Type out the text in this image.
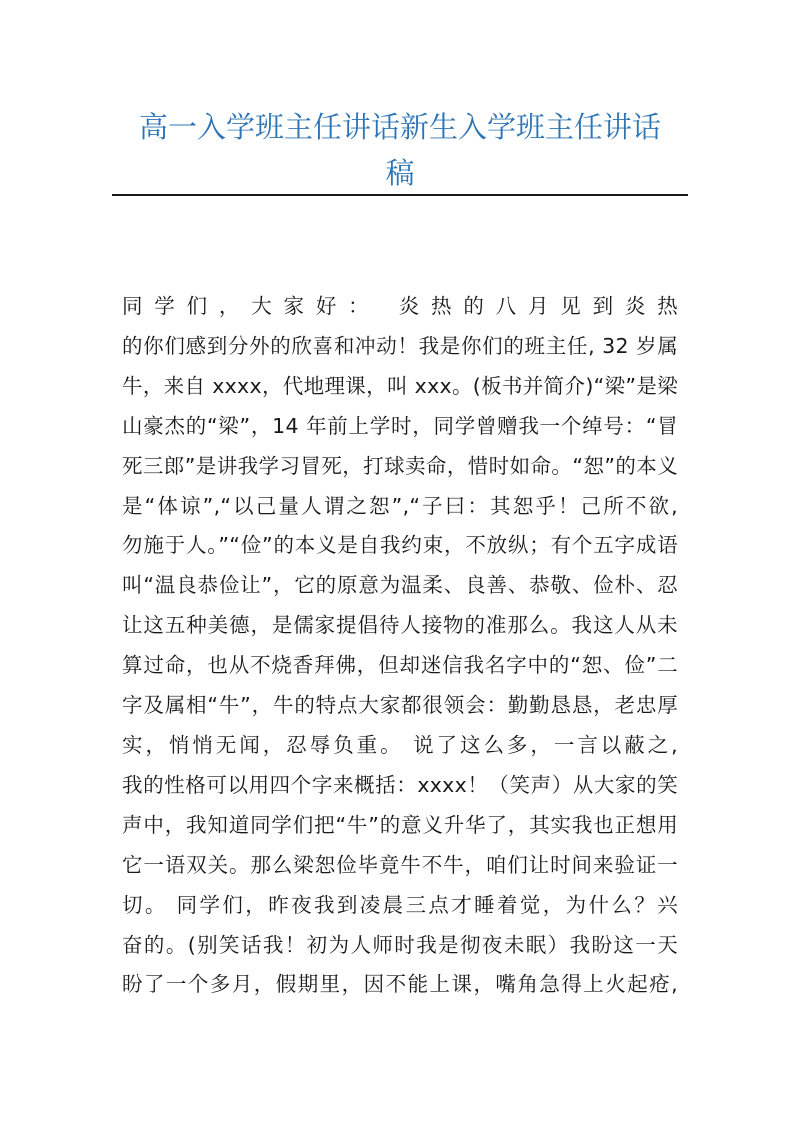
高一入学班主任讲话新生入学班主任讲话
稿
同学们，大家好： 炎热的八月见到炎热
的你们感到分外的欣喜和冲动！我是你们的班主任, 32 岁属
牛，来自 xxxx，代地理课，叫 xxx。(板书并简介)“梁”是梁
山豪杰的“梁”，14 年前上学时，同学曾赠我一个绰号：“冒
死三郎”是讲我学习冒死，打球卖命，惜时如命。“恕”的本义
是“体谅”,“以己量人谓之恕”,“子曰：其恕乎！己所不欲,
勿施于人。”“俭”的本义是自我约束，不放纵；有个五字成语
叫“温良恭俭让”，它的原意为温柔、良善、恭敬、俭朴、忍
让这五种美德，是儒家提倡待人接物的准那么。我这人从未
算过命，也从不烧香拜佛，但却迷信我名字中的“恕、俭”二
字及属相“牛”，牛的特点大家都很领会：勤勤恳恳，老忠厚
实，悄悄无闻，忍辱负重。 说了这么多，一言以蔽之,
我的性格可以用四个字来概括：xxxx！（笑声）从大家的笑
声中，我知道同学们把“牛”的意义升华了，其实我也正想用
它一语双关。那么梁恕俭毕竟牛不牛，咱们让时间来验证一
切。 同学们，昨夜我到凌晨三点才睡着觉，为什么？兴
奋的。(别笑话我！初为人师时我是彻夜未眠）我盼这一天
盼了一个多月，假期里，因不能上课，嘴角急得上火起疮,
